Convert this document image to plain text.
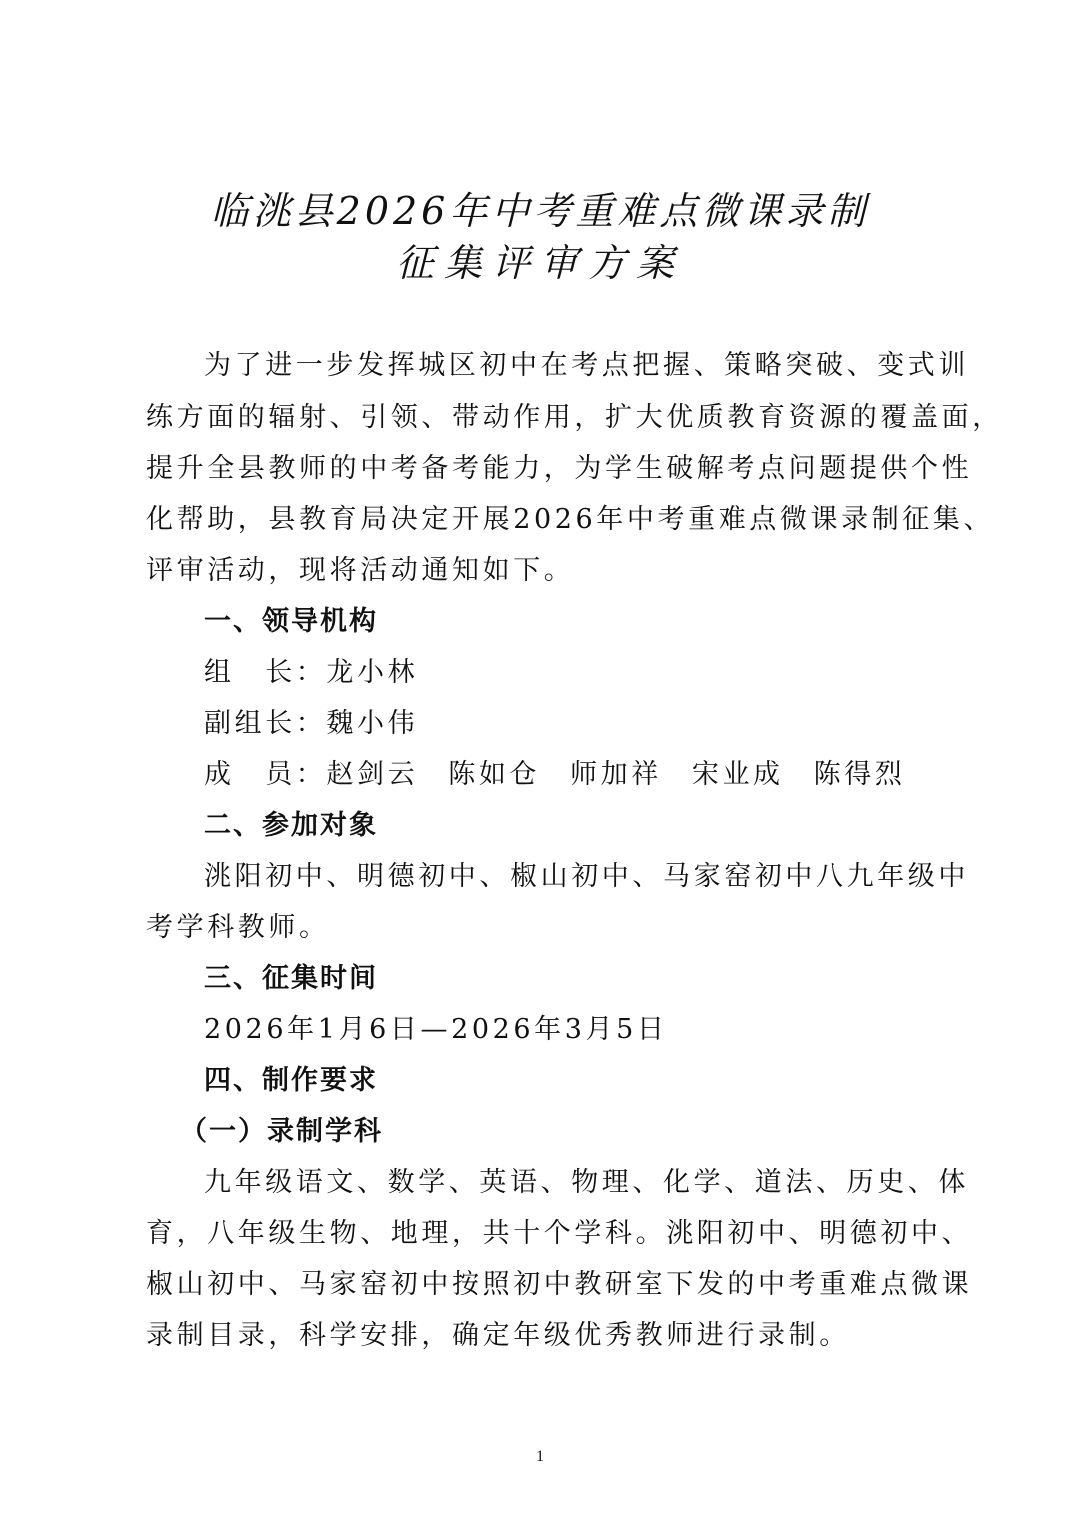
临洮县2026年中考重难点微课录制
征集评审方案
为了进一步发挥城区初中在考点把握、策略突破、变式训
练方面的辐射、引领、带动作用，扩大优质教育资源的覆盖面，
提升全县教师的中考备考能力，为学生破解考点问题提供个性
化帮助，县教育局决定开展2026年中考重难点微课录制征集、
评审活动，现将活动通知如下。
一、领导机构
组　长：龙小林
副组长：魏小伟
成　员：赵剑云 陈如仓 师加祥 宋业成 陈得烈
二、参加对象
洮阳初中、明德初中、椒山初中、马家窑初中八九年级中
考学科教师。
三、征集时间
2026年1月6日—2026年3月5日
四、制作要求
（一）录制学科
九年级语文、数学、英语、物理、化学、道法、历史、体
育，八年级生物、地理，共十个学科。洮阳初中、明德初中、
椒山初中、马家窑初中按照初中教研室下发的中考重难点微课
录制目录，科学安排，确定年级优秀教师进行录制。
1
